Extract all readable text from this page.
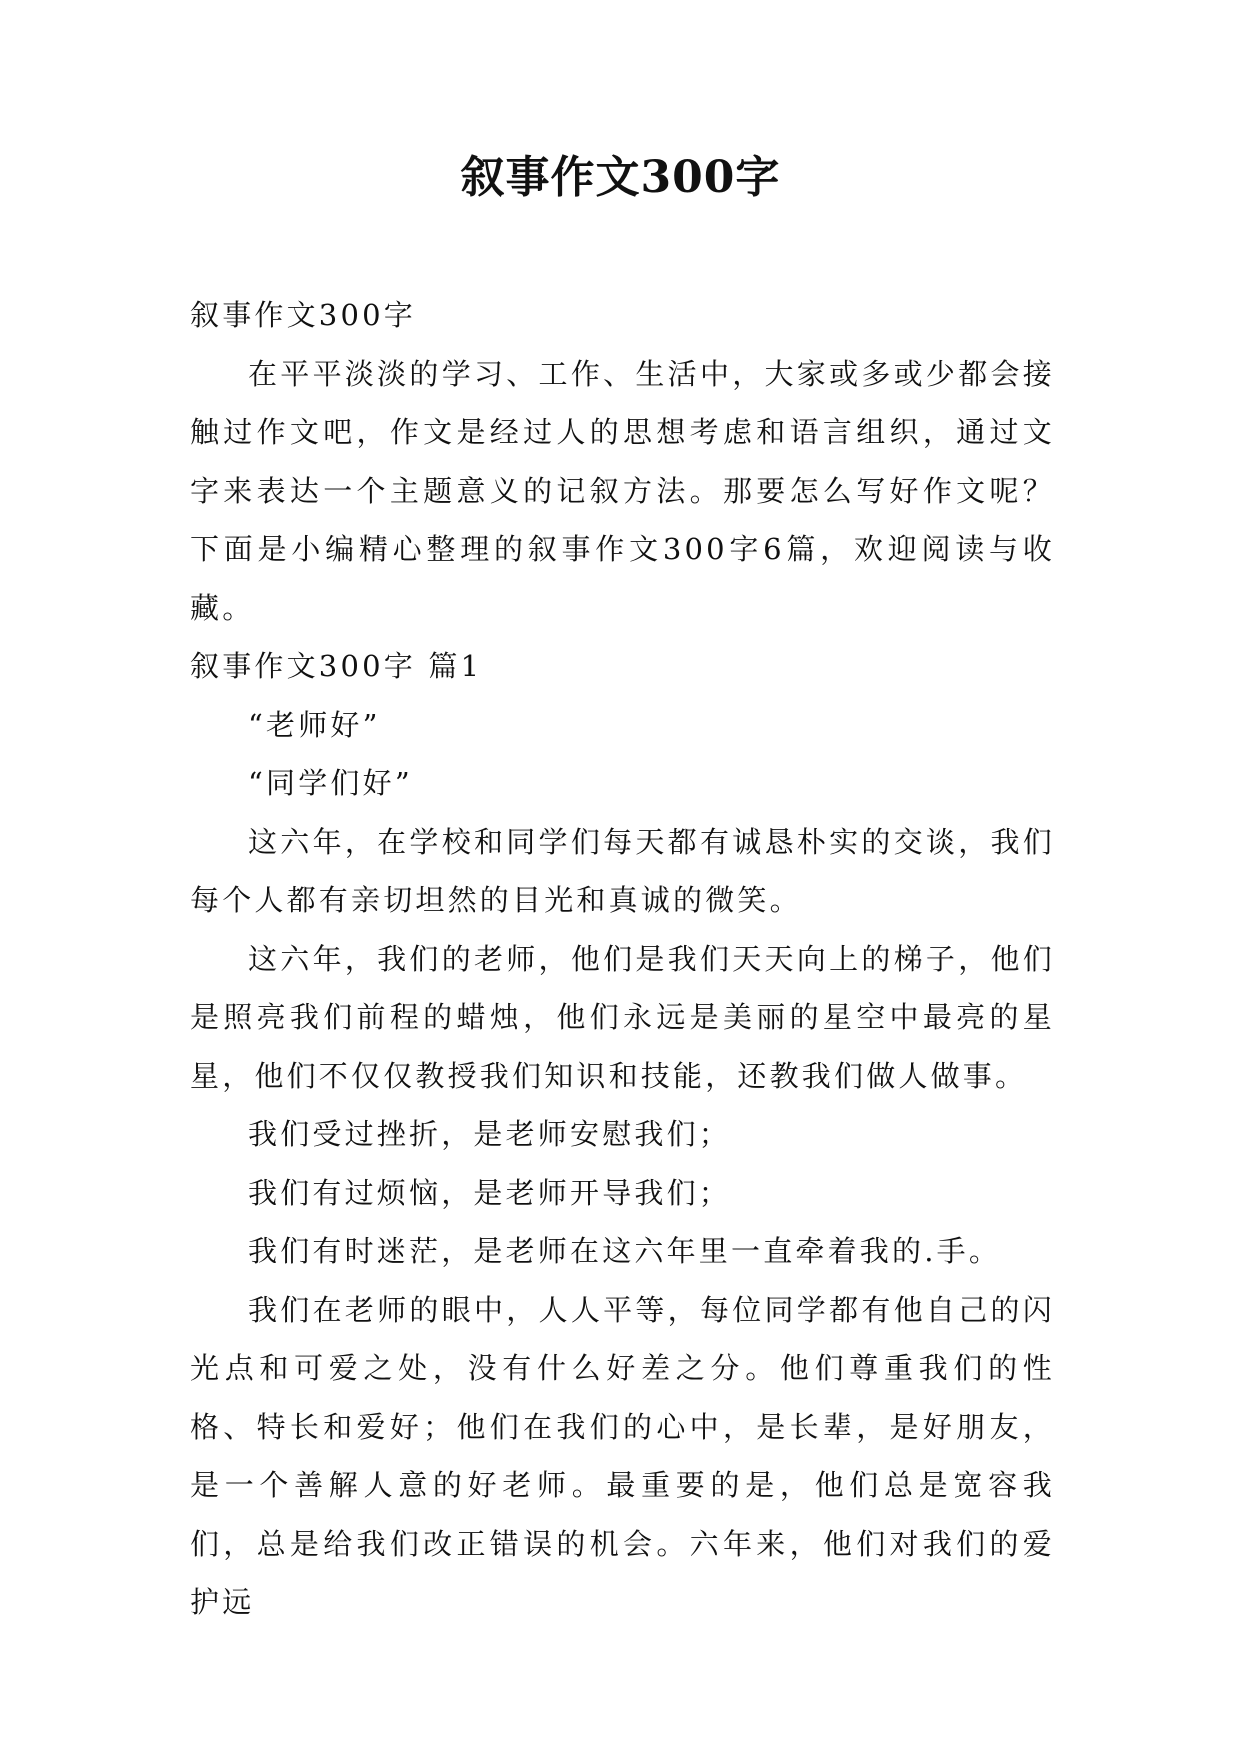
叙事作文300字

叙事作文300字

在平平淡淡的学习、工作、生活中，大家或多或少都会接触过作文吧，作文是经过人的思想考虑和语言组织，通过文字来表达一个主题意义的记叙方法。那要怎么写好作文呢？下面是小编精心整理的叙事作文300字6篇，欢迎阅读与收藏。

叙事作文300字 篇1

“老师好”

“同学们好”

这六年，在学校和同学们每天都有诚恳朴实的交谈，我们每个人都有亲切坦然的目光和真诚的微笑。

这六年，我们的老师，他们是我们天天向上的梯子，他们是照亮我们前程的蜡烛，他们永远是美丽的星空中最亮的星星，他们不仅仅教授我们知识和技能，还教我们做人做事。

我们受过挫折，是老师安慰我们；

我们有过烦恼，是老师开导我们；

我们有时迷茫，是老师在这六年里一直牵着我的.手。

我们在老师的眼中，人人平等，每位同学都有他自己的闪光点和可爱之处，没有什么好差之分。他们尊重我们的性格、特长和爱好；他们在我们的心中，是长辈，是好朋友，是一个善解人意的好老师。最重要的是，他们总是宽容我们，总是给我们改正错误的机会。六年来，他们对我们的爱护远
